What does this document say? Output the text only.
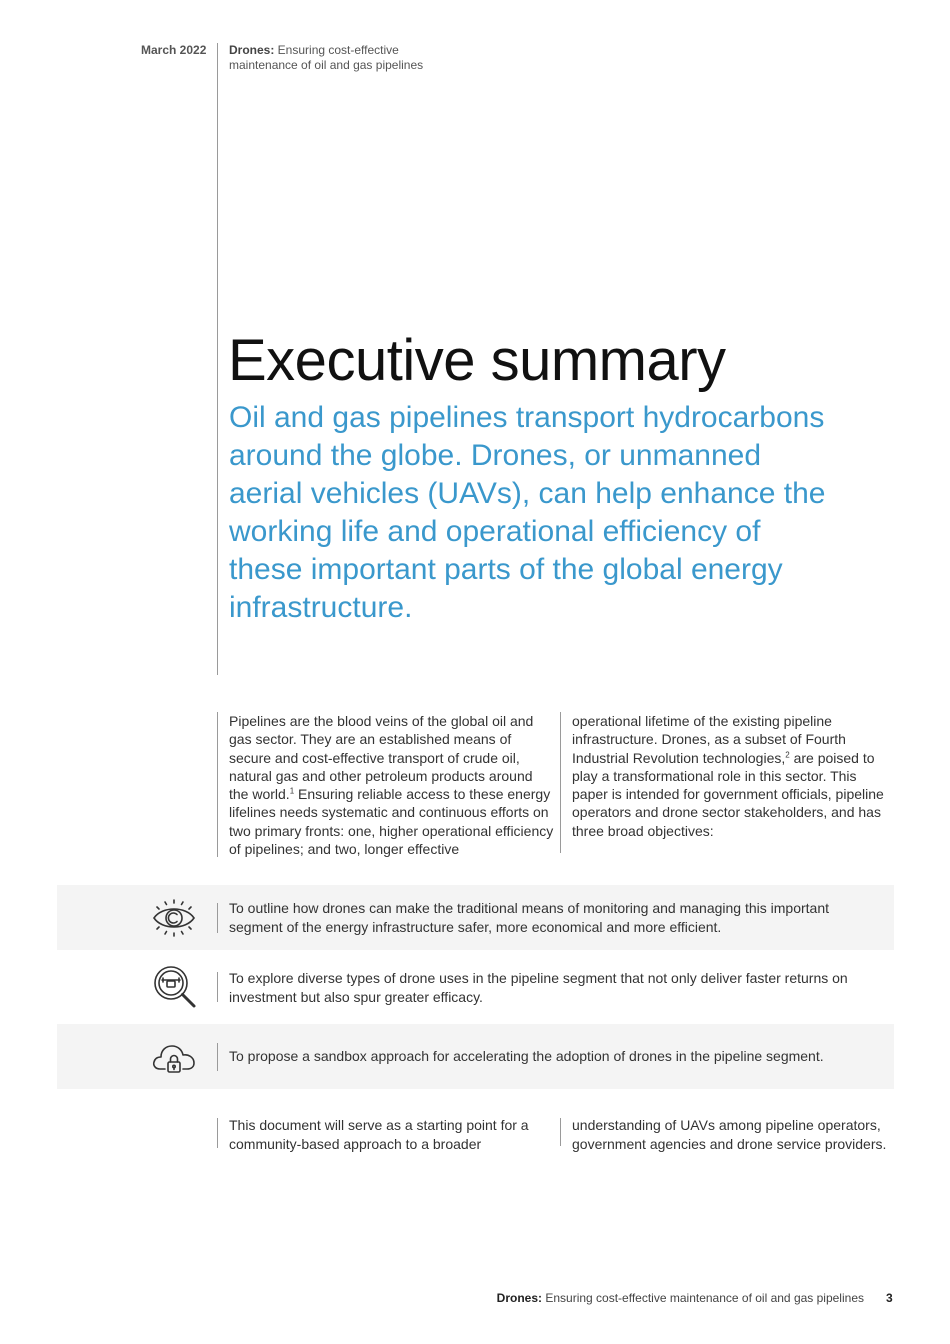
March 2022 Drones: Ensuring cost-effective maintenance of oil and gas pipelines
Executive summary
Oil and gas pipelines transport hydrocarbons around the globe. Drones, or unmanned aerial vehicles (UAVs), can help enhance the working life and operational efficiency of these important parts of the global energy infrastructure.

Pipelines are the blood veins of the global oil and gas sector. They are an established means of secure and cost-effective transport of crude oil, natural gas and other petroleum products around the world.$^1$ Ensuring reliable access to these energy lifelines needs systematic and continuous efforts on two primary fronts: one, higher operational efficiency of pipelines; and two, longer effective

operational lifetime of the existing pipeline infrastructure. Drones, as a subset of Fourth Industrial Revolution technologies,$^2$ are poised to play a transformational role in this sector. This paper is intended for government officials, pipeline operators and drone sector stakeholders, and has three broad objectives:

To outline how drones can make the traditional means of monitoring and managing this important segment of the energy infrastructure safer, more economical and more efficient.
To explore diverse types of drone uses in the pipeline segment that not only deliver faster returns on investment but also spur greater efficacy.
To propose a sandbox approach for accelerating the adoption of drones in the pipeline segment.

This document will serve as a starting point for a community-based approach to a broader

understanding of UAVs among pipeline operators, government agencies and drone service providers.

Drones: Ensuring cost-effective maintenance of oil and gas pipelines 3
